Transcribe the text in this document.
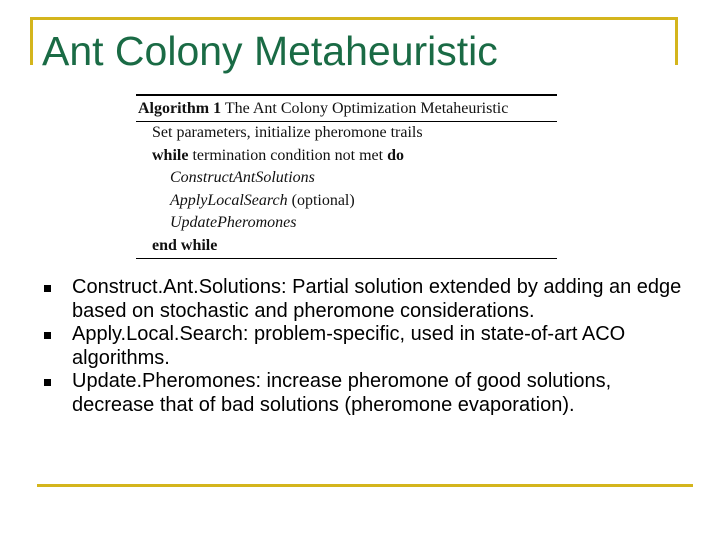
Ant Colony Metaheuristic
Algorithm 1 The Ant Colony Optimization Metaheuristic
Set parameters, initialize pheromone trails
while termination condition not met do
ConstructAntSolutions
ApplyLocalSearch (optional)
UpdatePheromones
end while
Construct.Ant.Solutions: Partial solution extended by adding an edge based on stochastic and pheromone considerations.
Apply.Local.Search: problem-specific, used in state-of-art ACO algorithms.
Update.Pheromones: increase pheromone of good solutions, decrease that of bad solutions (pheromone evaporation).
